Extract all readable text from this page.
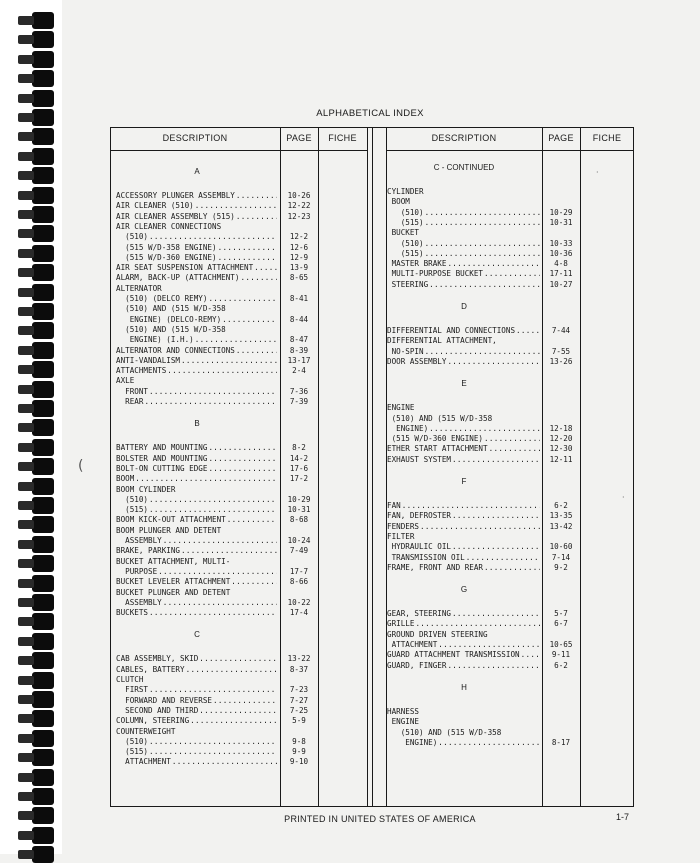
ALPHABETICAL INDEX
DESCRIPTION	PAGE	FICHE	DESCRIPTION	PAGE	FICHE
A
ACCESSORY PLUNGER ASSEMBLY .....	10-26
AIR CLEANER (510) .....	12-22
AIR CLEANER ASSEMBLY (515) .....	12-23
AIR CLEANER CONNECTIONS
(510) .....	12-2
(515 W/D-358 ENGINE) .....	12-6
(515 W/D-360 ENGINE) .....	12-9
AIR SEAT SUSPENSION ATTACHMENT .....	13-9
ALARM, BACK-UP (ATTACHMENT) .....	8-65
ALTERNATOR
(510) (DELCO REMY) .....	8-41
(510) AND (515 W/D-358
ENGINE) (DELCO-REMY) .....	8-44
(510) AND (515 W/D-358
ENGINE) (I.H.) .....	8-47
ALTERNATOR AND CONNECTIONS .....	8-39
ANTI-VANDALISM .....	13-17
ATTACHMENTS .....	2-4
AXLE
FRONT .....	7-36
REAR .....	7-39
B
BATTERY AND MOUNTING .....	8-2
BOLSTER AND MOUNTING .....	14-2
BOLT-ON CUTTING EDGE .....	17-6
BOOM .....	17-2
BOOM CYLINDER
(510) .....	10-29
(515) .....	10-31
BOOM KICK-OUT ATTACHMENT .....	8-68
BOOM PLUNGER AND DETENT
ASSEMBLY .....	10-24
BRAKE, PARKING .....	7-49
BUCKET ATTACHMENT, MULTI-
PURPOSE .....	17-7
BUCKET LEVELER ATTACHMENT .....	8-66
BUCKET PLUNGER AND DETENT
ASSEMBLY .....	10-22
BUCKETS .....	17-4
C
CAB ASSEMBLY, SKID .....	13-22
CABLES, BATTERY .....	8-37
CLUTCH
FIRST .....	7-23
FORWARD AND REVERSE .....	7-27
SECOND AND THIRD .....	7-25
COLUMN, STEERING .....	5-9
COUNTERWEIGHT
(510) .....	9-8
(515) .....	9-9
ATTACHMENT .....	9-10
C - CONTINUED
CYLINDER
BOOM
(510) .....	10-29
(515) .....	10-31
BUCKET
(510) .....	10-33
(515) .....	10-36
MASTER BRAKE .....	4-8
MULTI-PURPOSE BUCKET .....	17-11
STEERING .....	10-27
D
DIFFERENTIAL AND CONNECTIONS .....	7-44
DIFFERENTIAL ATTACHMENT,
NO-SPIN .....	7-55
DOOR ASSEMBLY .....	13-26
E
ENGINE
(510) AND (515 W/D-358
ENGINE) .....	12-18
(515 W/D-360 ENGINE) .....	12-20
ETHER START ATTACHMENT .....	12-30
EXHAUST SYSTEM .....	12-11
F
FAN .....	6-2
FAN, DEFROSTER .....	13-35
FENDERS .....	13-42
FILTER
HYDRAULIC OIL .....	10-60
TRANSMISSION OIL .....	7-14
FRAME, FRONT AND REAR .....	9-2
G
GEAR, STEERING .....	5-7
GRILLE .....	6-7
GROUND DRIVEN STEERING
ATTACHMENT .....	10-65
GUARD ATTACHMENT TRANSMISSION .....	9-11
GUARD, FINGER .....	6-2
H
HARNESS
ENGINE
(510) AND (515 W/D-358
ENGINE) .....	8-17
PRINTED IN UNITED STATES OF AMERICA	1-7
(
·
·
